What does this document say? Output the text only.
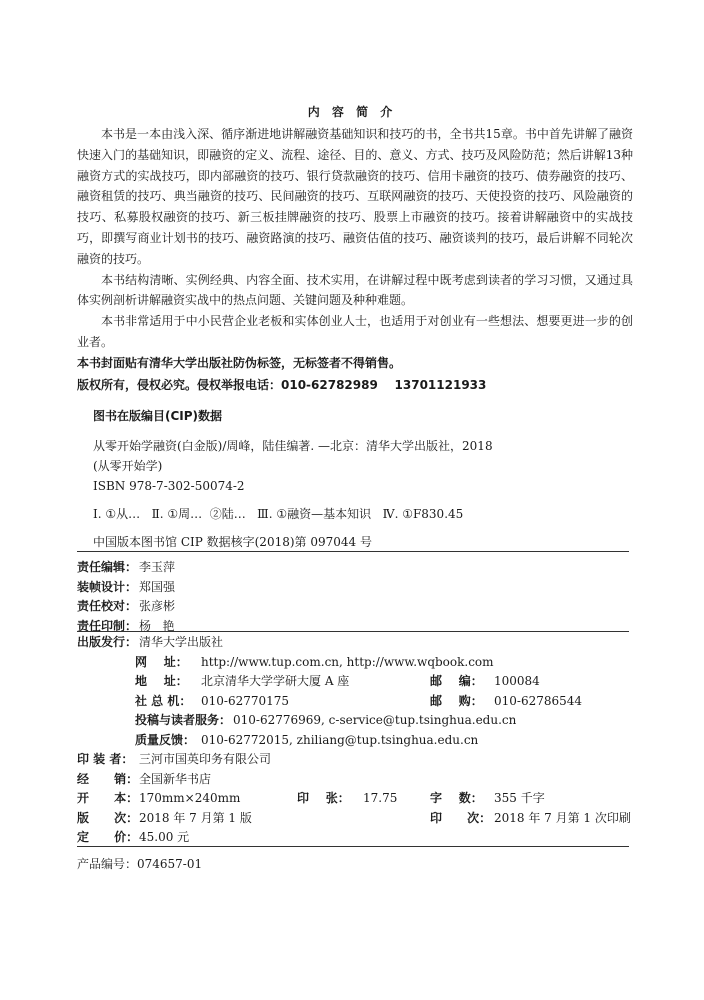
内 容 简 介

本书是一本由浅入深、循序渐进地讲解融资基础知识和技巧的书，全书共15章。书中首先讲解了融资快速入门的基础知识，即融资的定义、流程、途径、目的、意义、方式、技巧及风险防范；然后讲解13种融资方式的实战技巧，即内部融资的技巧、银行贷款融资的技巧、信用卡融资的技巧、债券融资的技巧、融资租赁的技巧、典当融资的技巧、民间融资的技巧、互联网融资的技巧、天使投资的技巧、风险融资的技巧、私募股权融资的技巧、新三板挂牌融资的技巧、股票上市融资的技巧。接着讲解融资中的实战技巧，即撰写商业计划书的技巧、融资路演的技巧、融资估值的技巧、融资谈判的技巧，最后讲解不同轮次融资的技巧。

本书结构清晰、实例经典、内容全面、技术实用，在讲解过程中既考虑到读者的学习习惯，又通过具体实例剖析讲解融资实战中的热点问题、关键问题及种种难题。

本书非常适用于中小民营企业老板和实体创业人士，也适用于对创业有一些想法、想要更进一步的创业者。

本书封面贴有清华大学出版社防伪标签，无标签者不得销售。
版权所有，侵权必究。侵权举报电话：010-62782989    13701121933
图书在版编目(CIP)数据
从零开始学融资(白金版)/周峰，陆佳编著. —北京：清华大学出版社，2018
(从零开始学)
ISBN 978-7-302-50074-2
Ⅰ. ①从…   Ⅱ. ①周…  ②陆…   Ⅲ. ①融资—基本知识   Ⅳ. ①F830.45
中国版本图书馆 CIP 数据核字(2018)第 097044 号
责任编辑： 李玉萍
装帧设计： 郑国强
责任校对： 张彦彬
责任印制： 杨   艳
出版发行： 清华大学出版社
网    址： http://www.tup.com.cn, http://www.wqbook.com
地    址： 北京清华大学学研大厦 A 座	邮    编： 100084
社 总 机： 010-62770175	邮    购： 010-62786544
投稿与读者服务： 010-62776969, c-service@tup.tsinghua.edu.cn
质量反馈： 010-62772015, zhiliang@tup.tsinghua.edu.cn
印 装 者： 三河市国英印务有限公司
经      销： 全国新华书店
开      本： 170mm×240mm	印    张： 17.75	字    数： 355 千字
版      次： 2018 年 7 月第 1 版	印      次： 2018 年 7 月第 1 次印刷
定      价： 45.00 元
产品编号：074657-01
